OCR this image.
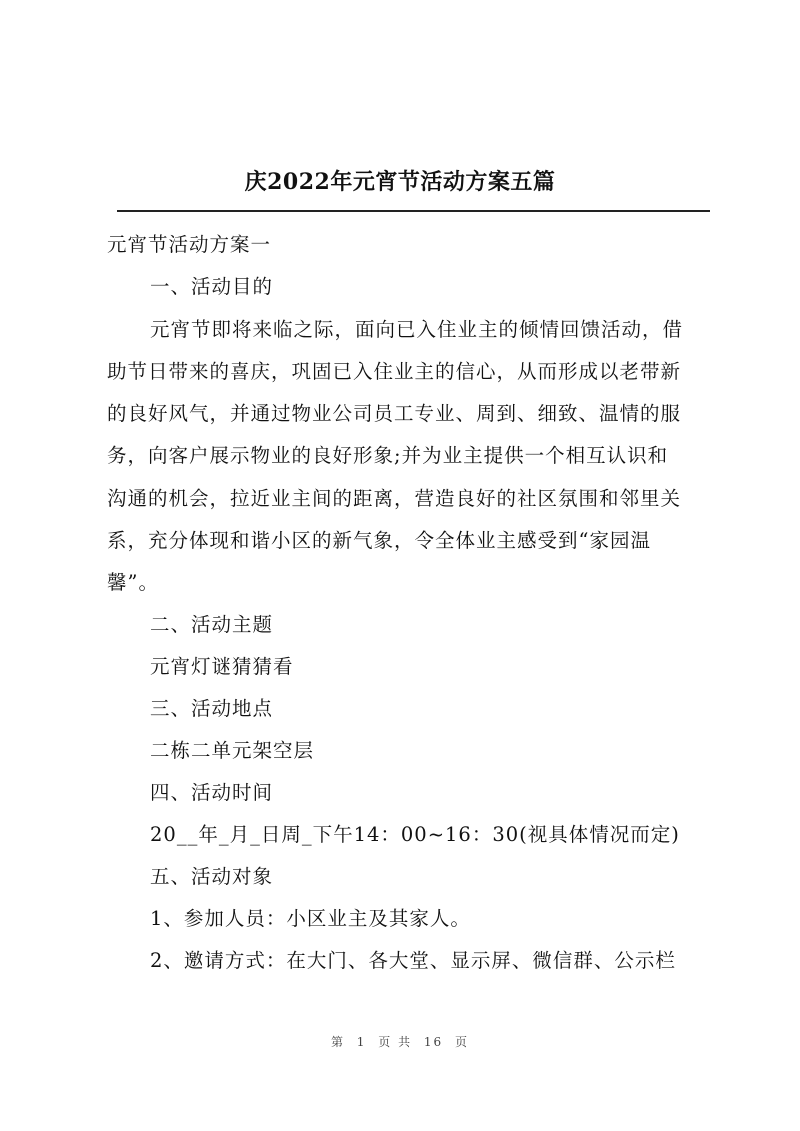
庆2022年元宵节活动方案五篇
元宵节活动方案一
一、活动目的
元宵节即将来临之际，面向已入住业主的倾情回馈活动，借
助节日带来的喜庆，巩固已入住业主的信心，从而形成以老带新
的良好风气，并通过物业公司员工专业、周到、细致、温情的服
务，向客户展示物业的良好形象;并为业主提供一个相互认识和
沟通的机会，拉近业主间的距离，营造良好的社区氛围和邻里关
系，充分体现和谐小区的新气象，令全体业主感受到“家园温
馨”。
二、活动主题
元宵灯谜猜猜看
三、活动地点
二栋二单元架空层
四、活动时间
20__年_月_日周_下午14：00~16：30(视具体情况而定)
五、活动对象
1、参加人员：小区业主及其家人。
2、邀请方式：在大门、各大堂、显示屏、微信群、公示栏
第 1 页 共 16 页
